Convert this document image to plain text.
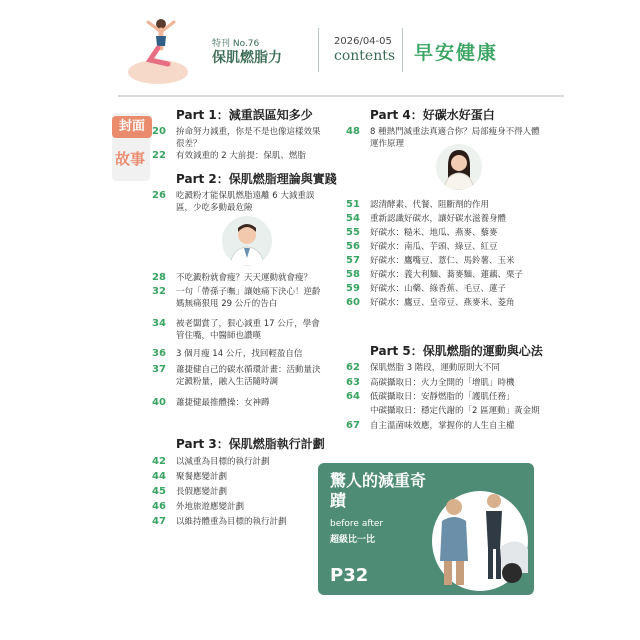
特刊 No.76
保肌燃脂力
2026/04-05
contents 早安健康
封面
故事
Part 1：減重誤區知多少
20 拚命努力減重，你是不是也像這樣效果很差？
22 有效減重的 2 大前提：保肌、燃脂
Part 2：保肌燃脂理論與實踐
26 吃澱粉才能保肌燃脂遠離 6 大減重誤區，少吃多動最危險
28 不吃澱粉就會瘦？天天運動就會瘦？
32 一句「帶孫子嘸」讓她痛下決心！逆齡媽無痛狠甩 29 公斤的告白
34 被老闆賞了，狠心減重 17 公斤，學會管住嘴，中醫師也讚嘆
36 3 個月瘦 14 公斤，找回輕盈自信
37 蕭捷健自己的碳水循環計畫：活動量決定澱粉量，融入生活隨時調
40 蕭捷健最推體操：女神蹲
Part 3：保肌燃脂執行計劃
42 以減重為目標的執行計劃
44 聚餐應變計劃
45 長假應變計劃
46 外地旅遊應變計劃
47 以維持體重為目標的執行計劃
Part 4：好碳水好蛋白
48 8 種熱門減重法真適合你？局部瘦身不得人體運作原理
51 認清酵素、代餐、阻斷劑的作用
54 重新認識好碳水，讓好碳水滋養身體
55 好碳水：糙米、地瓜、燕麥、藜麥
56 好碳水：南瓜、芋頭、綠豆、紅豆
57 好碳水：鷹嘴豆、薏仁、馬鈴薯、玉米
58 好碳水：義大利麵、蕎麥麵、蓮藕、栗子
59 好碳水：山藥、綠香蕉、毛豆、蓮子
60 好碳水：鷹豆、皇帝豆、燕麥米、菱角
Part 5：保肌燃脂的運動與心法
62 保肌燃脂 3 階段，運動原則大不同
63 高碳攝取日：火力全開的「增肌」時機
64 低碳攝取日：安靜燃脂的「護肌任務」
中碳攝取日：穩定代謝的「2 區運動」黃金期
67 自主溫菌味效應，掌握你的人生自主權
驚人的減重奇蹟
before after
超級比一比
P32
